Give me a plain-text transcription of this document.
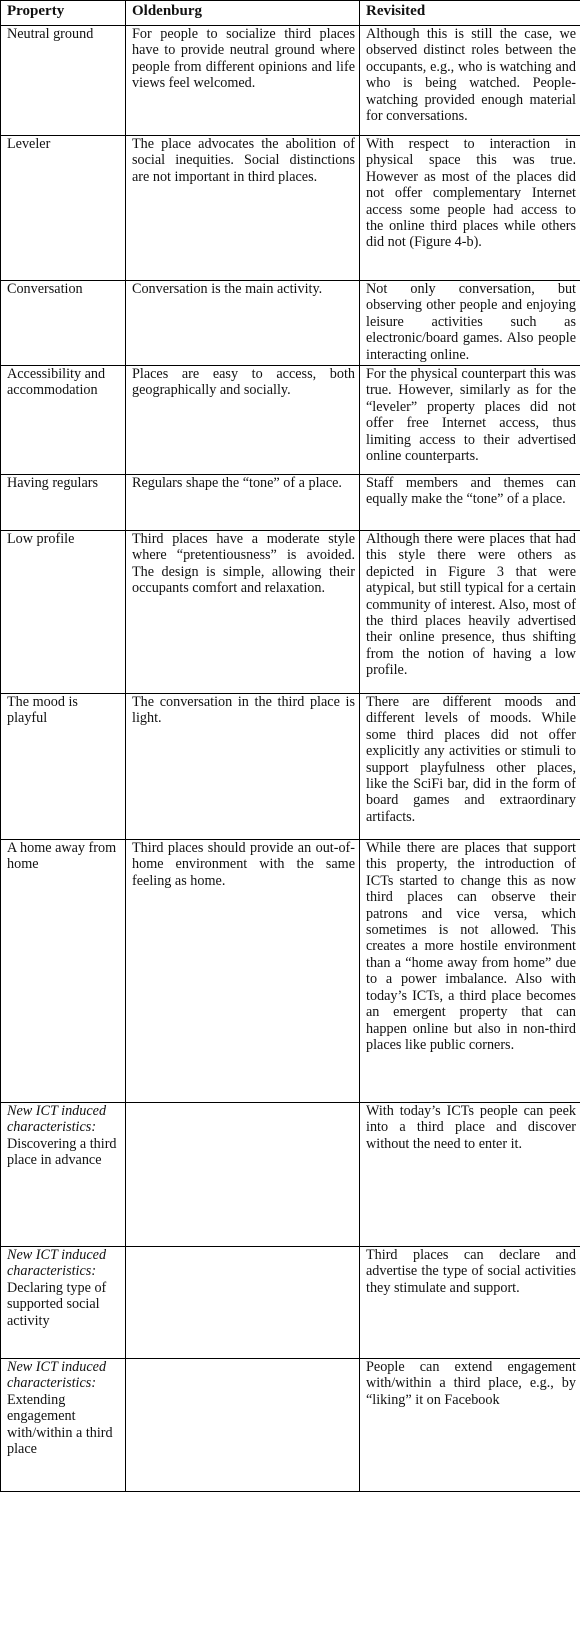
Property	Oldenburg	Revisited

Neutral ground	For people to socialize third places have to provide neutral ground where people from different opinions and life views feel welcomed.	Although this is still the case, we observed distinct roles between the occupants, e.g., who is watching and who is being watched. People-watching provided enough material for conversations.

Leveler	The place advocates the abolition of social inequities. Social distinctions are not important in third places.	With respect to interaction in physical space this was true. However as most of the places did not offer complementary Internet access some people had access to the online third places while others did not (Figure 4-b).

Conversation	Conversation is the main activity.	Not only conversation, but observing other people and enjoying leisure activities such as electronic/board games. Also people interacting online.

Accessibility and accommodation	Places are easy to access, both geographically and socially.	For the physical counterpart this was true. However, similarly as for the “leveler” property places did not offer free Internet access, thus limiting access to their advertised online counterparts.

Having regulars	Regulars shape the “tone” of a place.	Staff members and themes can equally make the “tone” of a place.

Low profile	Third places have a moderate style where “pretentiousness” is avoided. The design is simple, allowing their occupants comfort and relaxation.	Although there were places that had this style there were others as depicted in Figure 3 that were atypical, but still typical for a certain community of interest. Also, most of the third places heavily advertised their online presence, thus shifting from the notion of having a low profile.

The mood is playful	The conversation in the third place is light.	There are different moods and different levels of moods. While some third places did not offer explicitly any activities or stimuli to support playfulness other places, like the SciFi bar, did in the form of board games and extraordinary artifacts.

A home away from home	Third places should provide an out-of-home environment with the same feeling as home.	While there are places that support this property, the introduction of ICTs started to change this as now third places can observe their patrons and vice versa, which sometimes is not allowed. This creates a more hostile environment than a “home away from home” due to a power imbalance. Also with today’s ICTs, a third place becomes an emergent property that can happen online but also in non-third places like public corners.

New ICT induced characteristics: Discovering a third place in advance		With today’s ICTs people can peek into a third place and discover without the need to enter it.

New ICT induced characteristics: Declaring type of supported social activity		Third places can declare and advertise the type of social activities they stimulate and support.

New ICT induced characteristics: Extending engagement with/within a third place		People can extend engagement with/within a third place, e.g., by “liking” it on Facebook
